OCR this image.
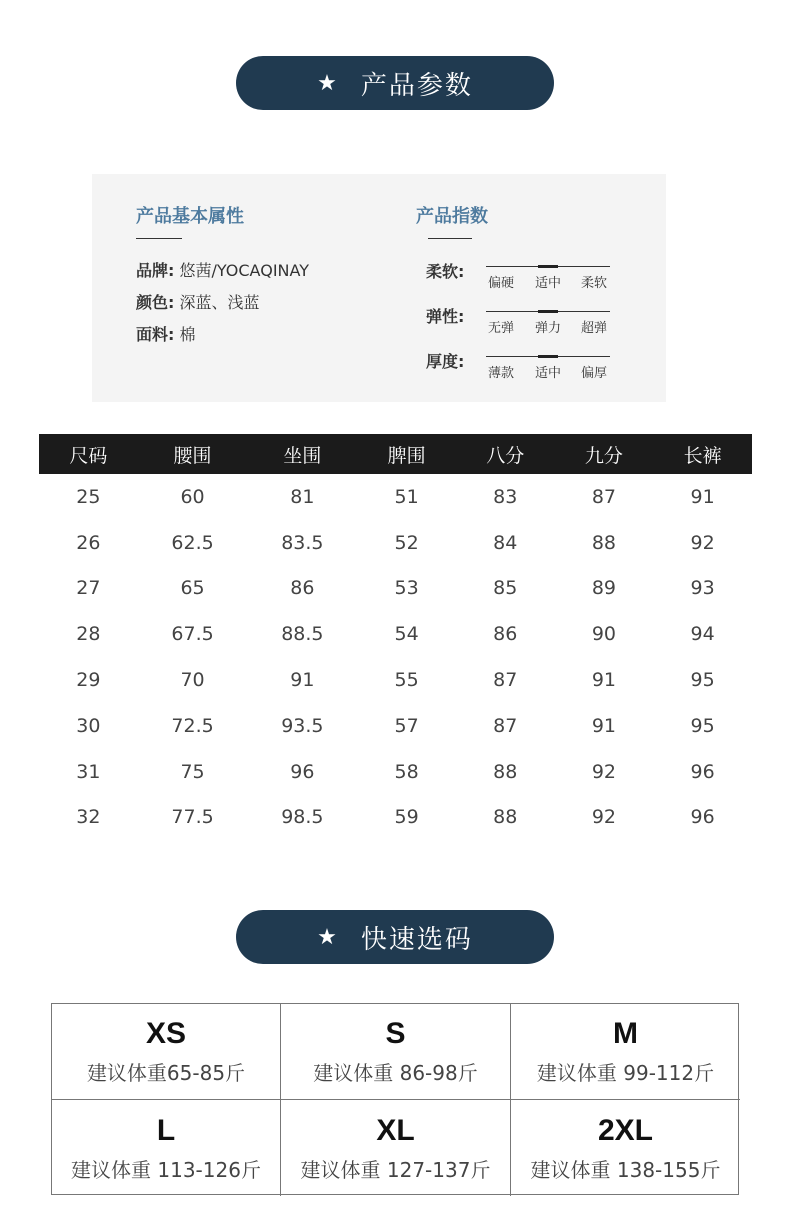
★ 产品参数
产品基本属性
品牌: 悠茜/YOCAQINAY
颜色: 深蓝、浅蓝
面料: 棉
产品指数
柔软:
偏硬	适中	柔软
弹性:
无弹	弹力	超弹
厚度:
薄款	适中	偏厚
尺码	腰围	坐围	脾围	八分	九分	长裤
25	60	81	51	83	87	91
26	62.5	83.5	52	84	88	92
27	65	86	53	85	89	93
28	67.5	88.5	54	86	90	94
29	70	91	55	87	91	95
30	72.5	93.5	57	87	91	95
31	75	96	58	88	92	96
32	77.5	98.5	59	88	92	96
★ 快速选码
XS
建议体重65-85斤
S
建议体重 86-98斤
M
建议体重 99-112斤
L
建议体重 113-126斤
XL
建议体重 127-137斤
2XL
建议体重 138-155斤
